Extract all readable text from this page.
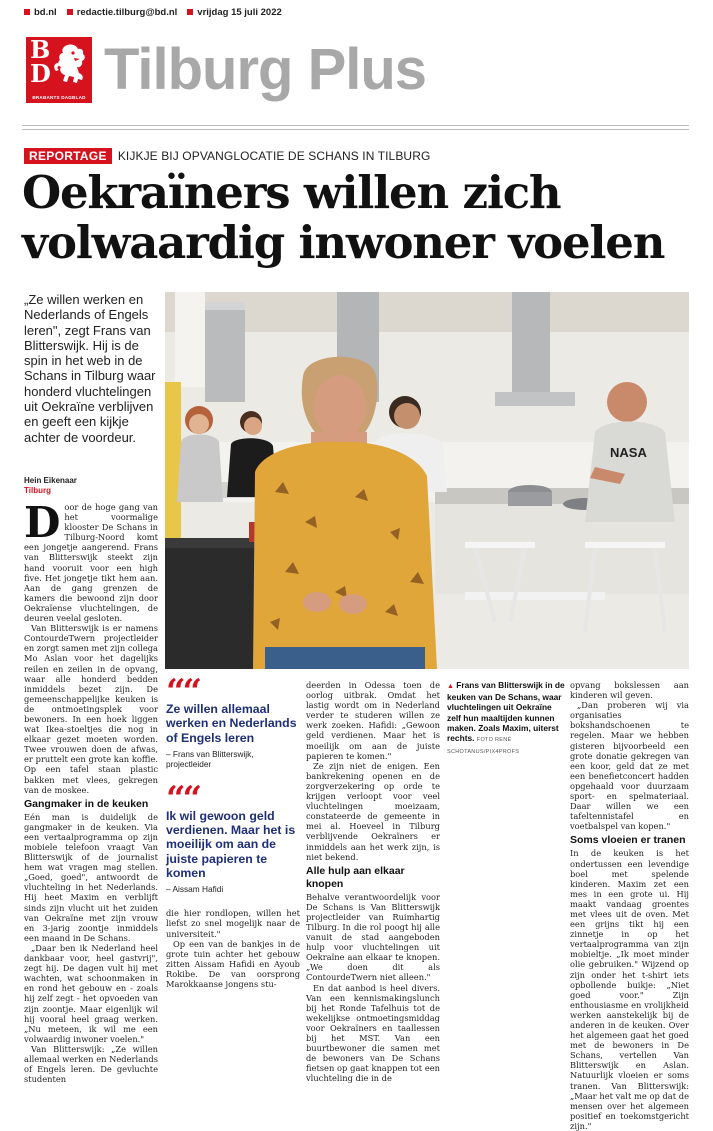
bd.nl redactie.tilburg@bd.nl vrijdag 15 juli 2022
B
D
BRABANTS DAGBLAD Tilburg Plus
REPORTAGE KIJKJE BIJ OPVANGLOCATIE DE SCHANS IN TILBURG
Oekraïners willen zich
volwaardig inwoner voelen

„Ze willen werken en Nederlands of Engels leren", zegt Frans van Blitterswijk. Hij is de spin in het web in de Schans in Tilburg waar honderd vluchtelingen uit Oekraïne verblijven en geeft een kijkje achter de voordeur.

NASA
Hein Eikenaar
Tilburg
D oor de hoge gang van het voormalige klooster De Schans in Tilburg-Noord komt een jongetje aangerend. Frans van Blitterswijk steekt zijn hand vooruit voor een high five. Het jongetje tikt hem aan. Aan de gang grenzen de kamers die bewoond zijn door Oekraïense vluchtelingen, de deuren veelal gesloten.

Van Blitterswijk is er namens ContourdeTwern projectleider en zorgt samen met zijn collega Mo Aslan voor het dagelijks reilen en zeilen in de opvang, waar alle honderd bedden inmiddels bezet zijn. De gemeenschappelijke keuken is de ontmoetingsplek voor bewoners. In een hoek liggen wat Ikea-stoeltjes die nog in elkaar gezet moeten worden. Twee vrouwen doen de afwas, er pruttelt een grote kan koffie. Op een tafel staan plastic bakken met vlees, gekregen van de moskee.

Gangmaker in de keuken

Eén man is duidelijk de gangmaker in de keuken. Via een vertaalprogramma op zijn mobiele telefoon vraagt Van Blitterswijk of de journalist hem wat vragen mag stellen. „Goed, goed", antwoordt de vluchteling in het Nederlands. Hij heet Maxim en verblijft sinds zijn vlucht uit het zuiden van Oekraïne met zijn vrouw en 3-jarig zoontje inmiddels een maand in De Schans.

„Daar ben ik Nederland heel dankbaar voor, heel gastvrij", zegt hij. De dagen vult hij met wachten, wat schoonmaken in en rond het gebouw en - zoals hij zelf zegt - het opvoeden van zijn zoontje. Maar eigenlijk wil hij vooral heel graag werken. „Nu meteen, ik wil me een volwaardig inwoner voelen."

Van Blitterswijk: „Ze willen allemaal werken en Nederlands of Engels leren. De gevluchte studenten

““
Ze willen allemaal werken en Nederlands of Engels leren
– Frans van Blitterswijk, projectleider
““
Ik wil gewoon geld verdienen. Maar het is moeilijk om aan de juiste papieren te komen
– Aissam Hafidi

die hier rondlopen, willen het liefst zo snel mogelijk naar de universiteit."

Op een van de bankjes in de grote tuin achter het gebouw zitten Aissam Hafidi en Ayoub Rokibe. De van oorsprong Marokkaanse jongens stu-

deerden in Odessa toen de oorlog uitbrak. Omdat het lastig wordt om in Nederland verder te studeren willen ze werk zoeken. Hafidi: „Gewoon geld verdienen. Maar het is moeilijk om aan de juiste papieren te komen."

Ze zijn niet de enigen. Een bankrekening openen en de zorgverzekering op orde te krijgen verloopt voor veel vluchtelingen moeizaam, constateerde de gemeente in mei al. Hoeveel in Tilburg verblijvende Oekraïners er inmiddels aan het werk zijn, is niet bekend.

Alle hulp aan elkaar knopen

Behalve verantwoordelijk voor De Schans is Van Blitterswijk projectleider van Ruimhartig Tilburg. In die rol poogt hij alle vanuit de stad aangeboden hulp voor vluchtelingen uit Oekraïne aan elkaar te knopen. „We doen dit als ContourdeTwern niet alleen."

En dat aanbod is heel divers. Van een kennismakingslunch bij het Ronde Tafelhuis tot de wekelijkse ontmoetingsmiddag voor Oekraïners en taallessen bij het MST. Van een buurtbewoner die samen met de bewoners van De Schans fietsen op gaat knappen tot een vluchteling die in de

▲ Frans van Blitterswijk in de keuken van De Schans, waar vluchtelingen uit Oekraïne zelf hun maaltijden kunnen maken. Zoals Maxim, uiterst rechts. FOTO RENÉ SCHOTANUS/PIX4PROFS

opvang bokslessen aan kinderen wil geven.

„Dan proberen wij via organisaties bokshandschoenen te regelen. Maar we hebben gisteren bijvoorbeeld een grote donatie gekregen van een koor, geld dat ze met een benefietconcert hadden opgehaald voor duurzaam sport- en spelmateriaal. Daar willen we een tafeltennistafel en voetbalspel van kopen."

Soms vloeien er tranen

In de keuken is het ondertussen een levendige boel met spelende kinderen. Maxim zet een mes in een grote ui. Hij maakt vandaag groentes met vlees uit de oven. Met een grijns tikt hij een zinnetje in op het vertaalprogramma van zijn mobieltje. „Ik moet minder olie gebruiken." Wijzend op zijn onder het t-shirt iets opbollende buikje: „Niet goed voor." Zijn enthousiasme en vrolijkheid werken aanstekelijk bij de anderen in de keuken. Over het algemeen gaat het goed met de bewoners in De Schans, vertellen Van Blitterswijk en Aslan. Natuurlijk vloeien er soms tranen. Van Blitterswijk: „Maar het valt me op dat de mensen over het algemeen positief en toekomstgericht zijn."
